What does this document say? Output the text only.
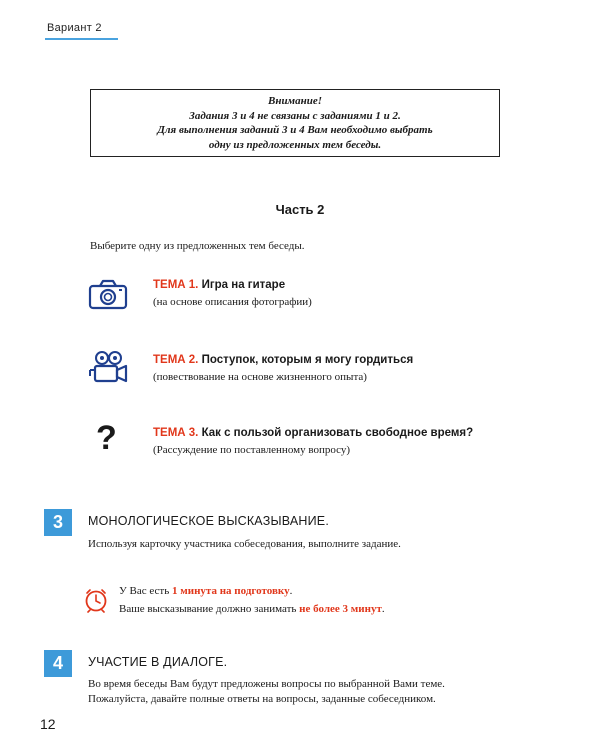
Вариант 2
Внимание!
Задания 3 и 4 не связаны с заданиями 1 и 2.
Для выполнения заданий 3 и 4 Вам необходимо выбрать
одну из предложенных тем беседы.
Часть 2
Выберите одну из предложенных тем беседы.
ТЕМА 1. Игра на гитаре
(на основе описания фотографии)
ТЕМА 2. Поступок, которым я могу гордиться
(повествование на основе жизненного опыта)
?	ТЕМА 3. Как с пользой организовать свободное время?
(Рассуждение по поставленному вопросу)
3	МОНОЛОГИЧЕСКОЕ ВЫСКАЗЫВАНИЕ.
Используя карточку участника собеседования, выполните задание.
У Вас есть 1 минута на подготовку.
Ваше высказывание должно занимать не более 3 минут.
4	УЧАСТИЕ В ДИАЛОГЕ.
Во время беседы Вам будут предложены вопросы по выбранной Вами теме.
Пожалуйста, давайте полные ответы на вопросы, заданные собеседником.
12
